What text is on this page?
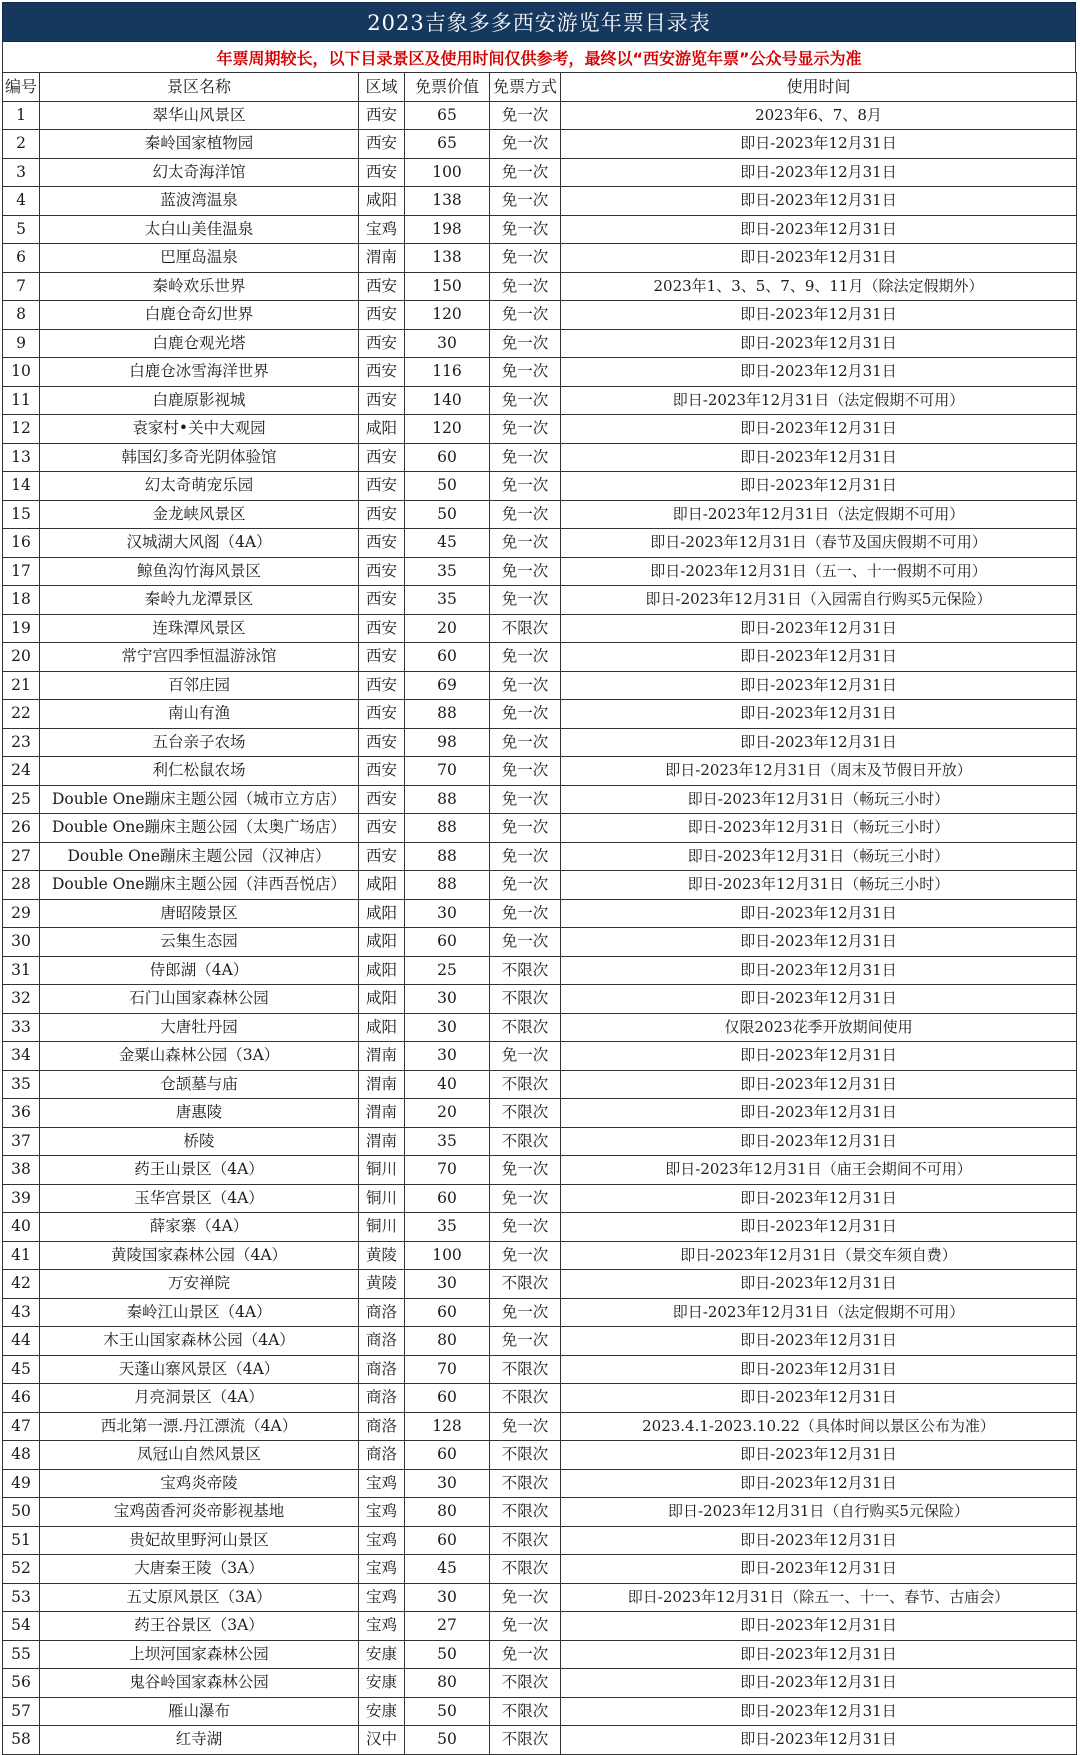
2023吉象多多西安游览年票目录表
年票周期较长，以下目录景区及使用时间仅供参考，最终以“西安游览年票”公众号显示为准
编号	景区名称	区域	免票价值	免票方式	使用时间
1	翠华山风景区	西安	65	免一次	2023年6、7、8月
2	秦岭国家植物园	西安	65	免一次	即日-2023年12月31日
3	幻太奇海洋馆	西安	100	免一次	即日-2023年12月31日
4	蓝波湾温泉	咸阳	138	免一次	即日-2023年12月31日
5	太白山美佳温泉	宝鸡	198	免一次	即日-2023年12月31日
6	巴厘岛温泉	渭南	138	免一次	即日-2023年12月31日
7	秦岭欢乐世界	西安	150	免一次	2023年1、3、5、7、9、11月（除法定假期外）
8	白鹿仓奇幻世界	西安	120	免一次	即日-2023年12月31日
9	白鹿仓观光塔	西安	30	免一次	即日-2023年12月31日
10	白鹿仓冰雪海洋世界	西安	116	免一次	即日-2023年12月31日
11	白鹿原影视城	西安	140	免一次	即日-2023年12月31日（法定假期不可用）
12	袁家村•关中大观园	咸阳	120	免一次	即日-2023年12月31日
13	韩国幻多奇光阴体验馆	西安	60	免一次	即日-2023年12月31日
14	幻太奇萌宠乐园	西安	50	免一次	即日-2023年12月31日
15	金龙峡风景区	西安	50	免一次	即日-2023年12月31日（法定假期不可用）
16	汉城湖大风阁（4A）	西安	45	免一次	即日-2023年12月31日（春节及国庆假期不可用）
17	鲸鱼沟竹海风景区	西安	35	免一次	即日-2023年12月31日（五一、十一假期不可用）
18	秦岭九龙潭景区	西安	35	免一次	即日-2023年12月31日（入园需自行购买5元保险）
19	连珠潭风景区	西安	20	不限次	即日-2023年12月31日
20	常宁宫四季恒温游泳馆	西安	60	免一次	即日-2023年12月31日
21	百邻庄园	西安	69	免一次	即日-2023年12月31日
22	南山有渔	西安	88	免一次	即日-2023年12月31日
23	五台亲子农场	西安	98	免一次	即日-2023年12月31日
24	利仁松鼠农场	西安	70	免一次	即日-2023年12月31日（周末及节假日开放）
25	Double One蹦床主题公园（城市立方店）	西安	88	免一次	即日-2023年12月31日（畅玩三小时）
26	Double One蹦床主题公园（太奥广场店）	西安	88	免一次	即日-2023年12月31日（畅玩三小时）
27	Double One蹦床主题公园（汉神店）	西安	88	免一次	即日-2023年12月31日（畅玩三小时）
28	Double One蹦床主题公园（沣西吾悦店）	咸阳	88	免一次	即日-2023年12月31日（畅玩三小时）
29	唐昭陵景区	咸阳	30	免一次	即日-2023年12月31日
30	云集生态园	咸阳	60	免一次	即日-2023年12月31日
31	侍郎湖（4A）	咸阳	25	不限次	即日-2023年12月31日
32	石门山国家森林公园	咸阳	30	不限次	即日-2023年12月31日
33	大唐牡丹园	咸阳	30	不限次	仅限2023花季开放期间使用
34	金粟山森林公园（3A）	渭南	30	免一次	即日-2023年12月31日
35	仓颉墓与庙	渭南	40	不限次	即日-2023年12月31日
36	唐惠陵	渭南	20	不限次	即日-2023年12月31日
37	桥陵	渭南	35	不限次	即日-2023年12月31日
38	药王山景区（4A）	铜川	70	免一次	即日-2023年12月31日（庙王会期间不可用）
39	玉华宫景区（4A）	铜川	60	免一次	即日-2023年12月31日
40	薛家寨（4A）	铜川	35	免一次	即日-2023年12月31日
41	黄陵国家森林公园（4A）	黄陵	100	免一次	即日-2023年12月31日（景交车须自费）
42	万安禅院	黄陵	30	不限次	即日-2023年12月31日
43	秦岭江山景区（4A）	商洛	60	免一次	即日-2023年12月31日（法定假期不可用）
44	木王山国家森林公园（4A）	商洛	80	免一次	即日-2023年12月31日
45	天蓬山寨风景区（4A）	商洛	70	不限次	即日-2023年12月31日
46	月亮洞景区（4A）	商洛	60	不限次	即日-2023年12月31日
47	西北第一漂.丹江漂流（4A）	商洛	128	免一次	2023.4.1-2023.10.22（具体时间以景区公布为准）
48	凤冠山自然风景区	商洛	60	不限次	即日-2023年12月31日
49	宝鸡炎帝陵	宝鸡	30	不限次	即日-2023年12月31日
50	宝鸡茵香河炎帝影视基地	宝鸡	80	不限次	即日-2023年12月31日（自行购买5元保险）
51	贵妃故里野河山景区	宝鸡	60	不限次	即日-2023年12月31日
52	大唐秦王陵（3A）	宝鸡	45	不限次	即日-2023年12月31日
53	五丈原风景区（3A）	宝鸡	30	免一次	即日-2023年12月31日（除五一、十一、春节、古庙会）
54	药王谷景区（3A）	宝鸡	27	免一次	即日-2023年12月31日
55	上坝河国家森林公园	安康	50	免一次	即日-2023年12月31日
56	鬼谷岭国家森林公园	安康	80	不限次	即日-2023年12月31日
57	雁山瀑布	安康	50	不限次	即日-2023年12月31日
58	红寺湖	汉中	50	不限次	即日-2023年12月31日
